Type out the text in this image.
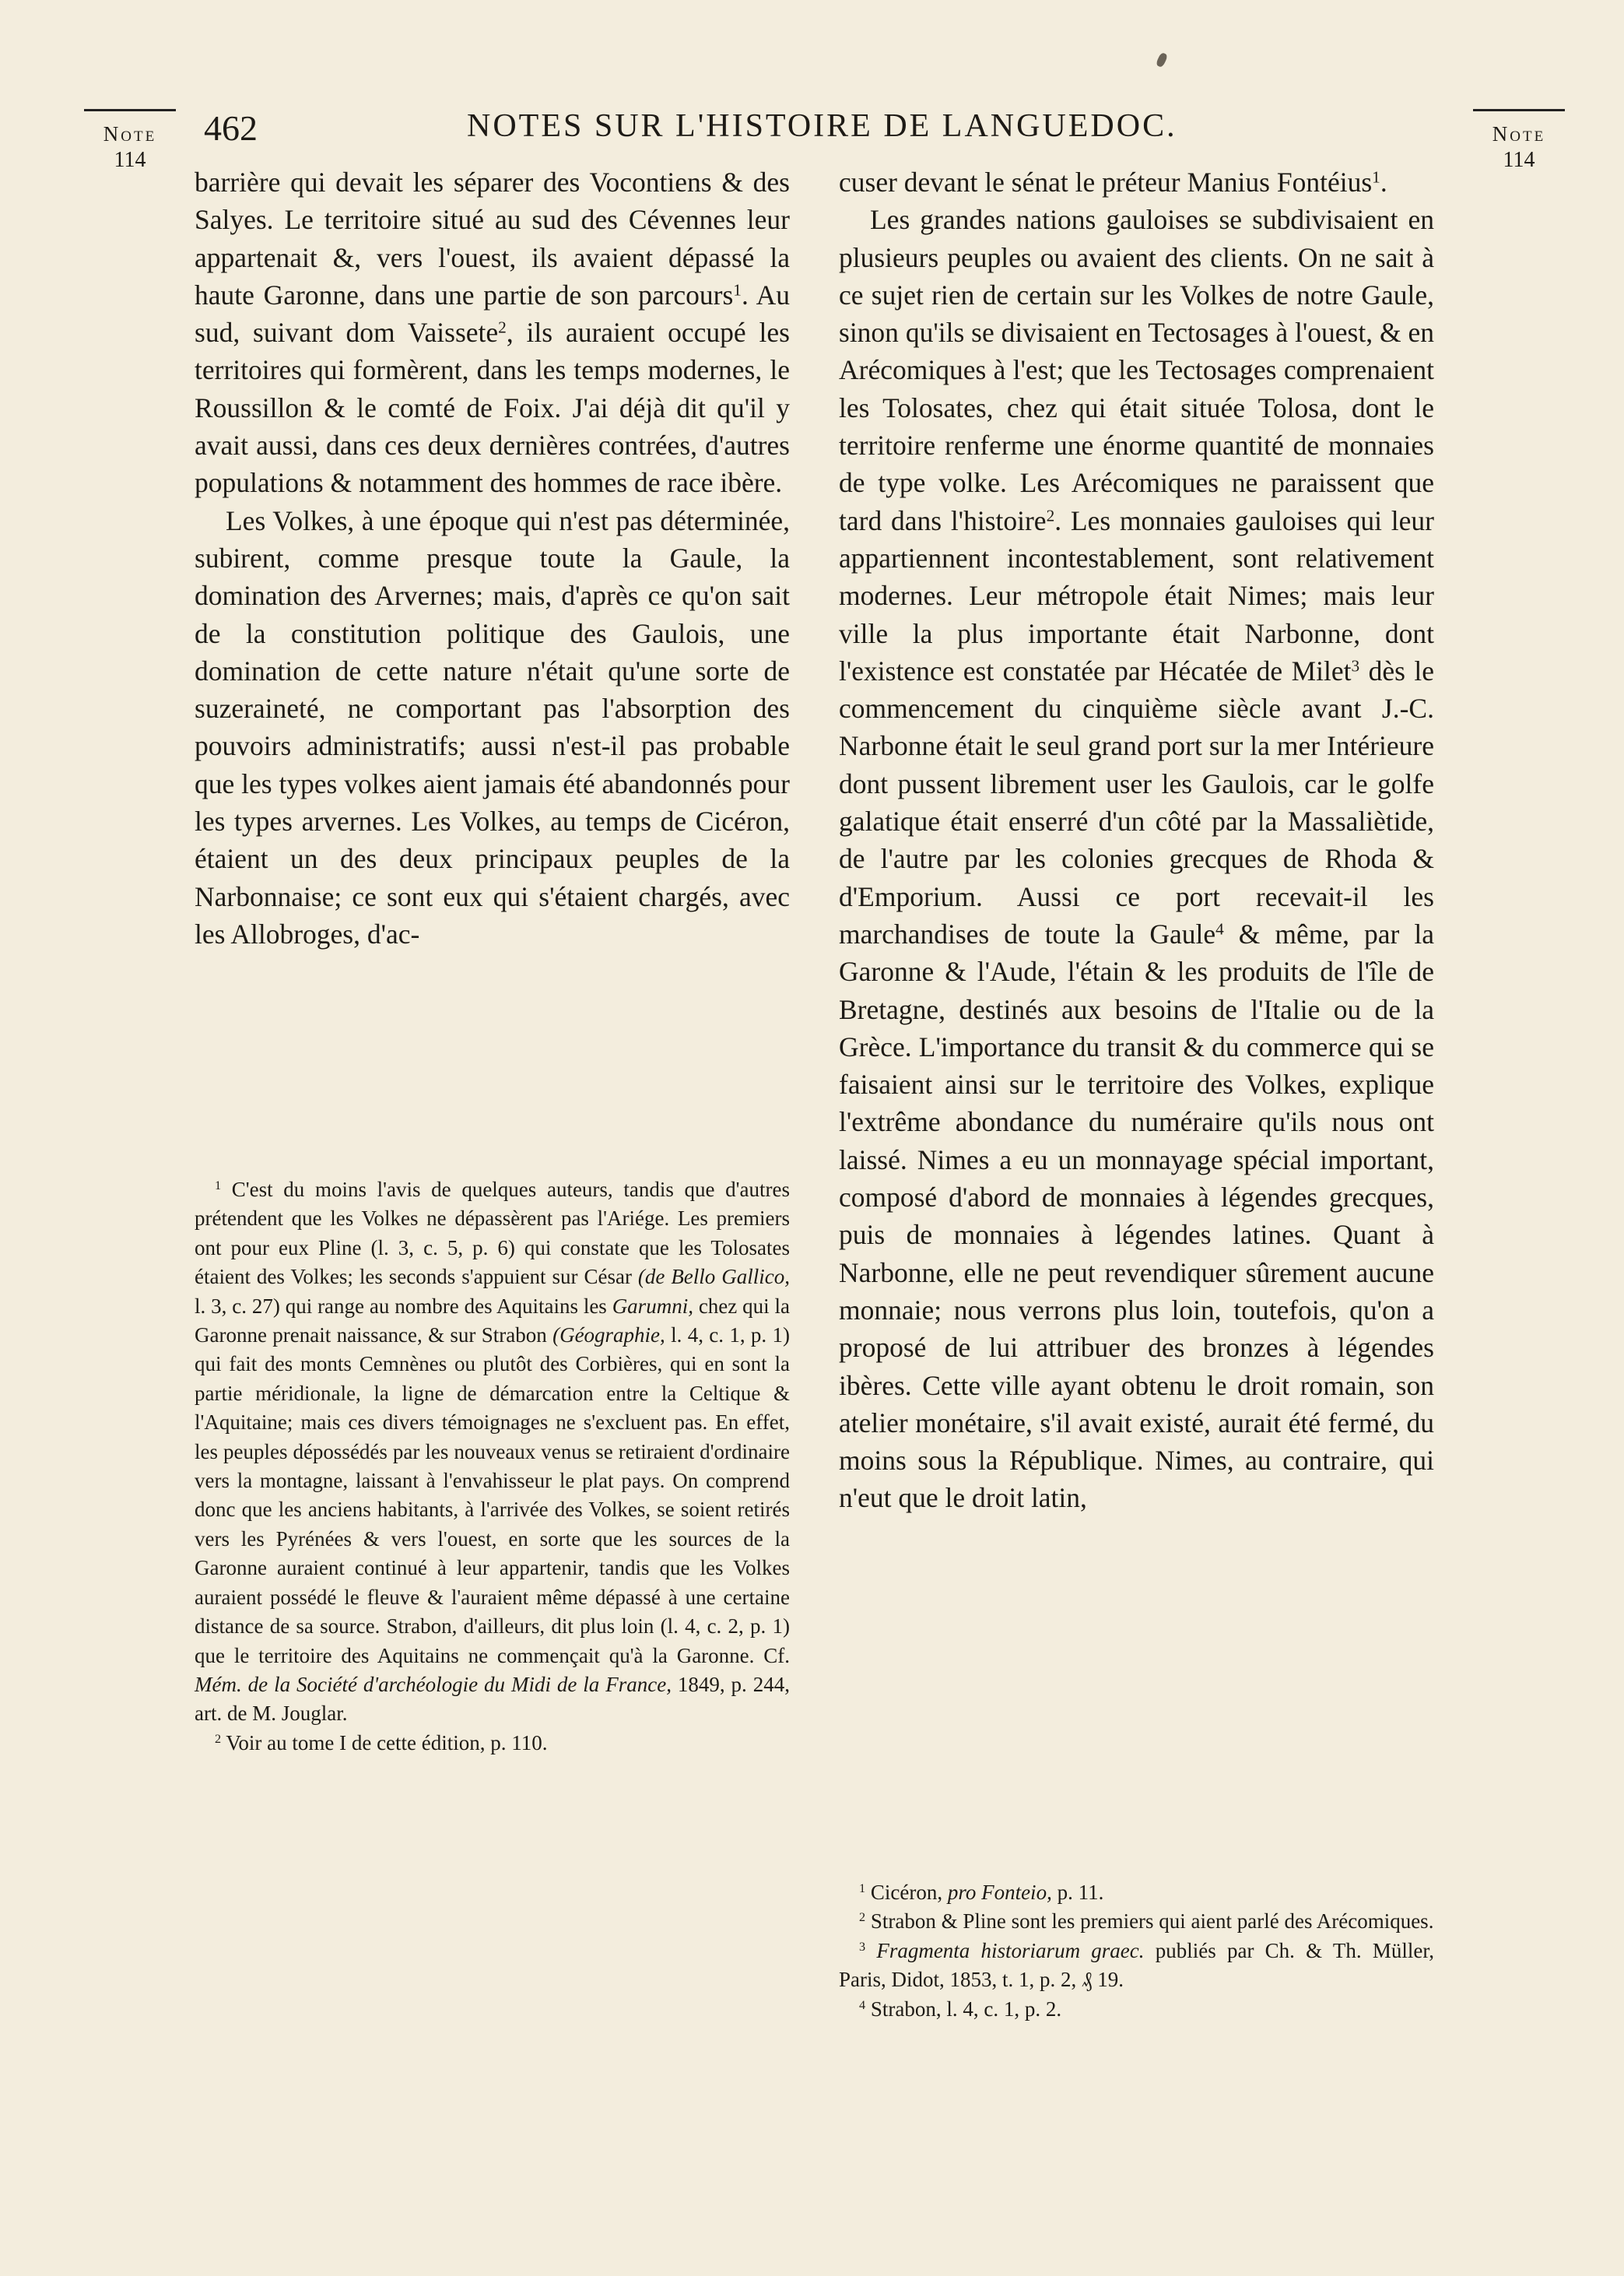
Note
114
462	NOTES SUR L'HISTOIRE DE LANGUEDOC.	Note
114

barrière qui devait les séparer des Vocontiens & des Salyes. Le territoire situé au sud des Cévennes leur appartenait &, vers l'ouest, ils avaient dépassé la haute Garonne, dans une partie de son parcours$^1$. Au sud, suivant dom Vaissete$^2$, ils auraient occupé les territoires qui formèrent, dans les temps modernes, le Roussillon & le comté de Foix. J'ai déjà dit qu'il y avait aussi, dans ces deux dernières contrées, d'autres populations & notamment des hommes de race ibère.

Les Volkes, à une époque qui n'est pas déterminée, subirent, comme presque toute la Gaule, la domination des Arvernes; mais, d'après ce qu'on sait de la constitution politique des Gaulois, une domination de cette nature n'était qu'une sorte de suzeraineté, ne comportant pas l'absorption des pouvoirs administratifs; aussi n'est-il pas probable que les types volkes aient jamais été abandonnés pour les types arvernes. Les Volkes, au temps de Cicéron, étaient un des deux principaux peuples de la Narbonnaise; ce sont eux qui s'étaient chargés, avec les Allobroges, d'ac-

cuser devant le sénat le préteur Manius Fontéius$^1$.

Les grandes nations gauloises se subdivisaient en plusieurs peuples ou avaient des clients. On ne sait à ce sujet rien de certain sur les Volkes de notre Gaule, sinon qu'ils se divisaient en Tectosages à l'ouest, & en Arécomiques à l'est; que les Tectosages comprenaient les Tolosates, chez qui était située Tolosa, dont le territoire renferme une énorme quantité de monnaies de type volke. Les Arécomiques ne paraissent que tard dans l'histoire$^2$. Les monnaies gauloises qui leur appartiennent incontestablement, sont relativement modernes. Leur métropole était Nimes; mais leur ville la plus importante était Narbonne, dont l'existence est constatée par Hécatée de Milet$^3$ dès le commencement du cinquième siècle avant J.-C. Narbonne était le seul grand port sur la mer Intérieure dont pussent librement user les Gaulois, car le golfe galatique était enserré d'un côté par la Massaliètide, de l'autre par les colonies grecques de Rhoda & d'Emporium. Aussi ce port recevait-il les marchandises de toute la Gaule$^4$ & même, par la Garonne & l'Aude, l'étain & les produits de l'île de Bretagne, destinés aux besoins de l'Italie ou de la Grèce. L'importance du transit & du commerce qui se faisaient ainsi sur le territoire des Volkes, explique l'extrême abondance du numéraire qu'ils nous ont laissé. Nimes a eu un monnayage spécial important, composé d'abord de monnaies à légendes grecques, puis de monnaies à légendes latines. Quant à Narbonne, elle ne peut revendiquer sûrement aucune monnaie; nous verrons plus loin, toutefois, qu'on a proposé de lui attribuer des bronzes à légendes ibères. Cette ville ayant obtenu le droit romain, son atelier monétaire, s'il avait existé, aurait été fermé, du moins sous la République. Nimes, au contraire, qui n'eut que le droit latin,

$^1$ C'est du moins l'avis de quelques auteurs, tandis que d'autres prétendent que les Volkes ne dépassèrent pas l'Ariége. Les premiers ont pour eux Pline (l. 3, c. 5, p. 6) qui constate que les Tolosates étaient des Volkes; les seconds s'appuient sur César (de Bello Gallico, l. 3, c. 27) qui range au nombre des Aquitains les Garumni, chez qui la Garonne prenait naissance, & sur Strabon (Géographie, l. 4, c. 1, p. 1) qui fait des monts Cemnènes ou plutôt des Corbières, qui en sont la partie méridionale, la ligne de démarcation entre la Celtique & l'Aquitaine; mais ces divers témoignages ne s'excluent pas. En effet, les peuples dépossédés par les nouveaux venus se retiraient d'ordinaire vers la montagne, laissant à l'envahisseur le plat pays. On comprend donc que les anciens habitants, à l'arrivée des Volkes, se soient retirés vers les Pyrénées & vers l'ouest, en sorte que les sources de la Garonne auraient continué à leur appartenir, tandis que les Volkes auraient possédé le fleuve & l'auraient même dépassé à une certaine distance de sa source. Strabon, d'ailleurs, dit plus loin (l. 4, c. 2, p. 1) que le territoire des Aquitains ne commençait qu'à la Garonne. Cf. Mém. de la Société d'archéologie du Midi de la France, 1849, p. 244, art. de M. Jouglar.

$^2$ Voir au tome I de cette édition, p. 110.

$^1$ Cicéron, pro Fonteio, p. 11.

$^2$ Strabon & Pline sont les premiers qui aient parlé des Arécomiques.

$^3$ Fragmenta historiarum graec. publiés par Ch. & Th. Müller, Paris, Didot, 1853, t. 1, p. 2, ₰ 19.

$^4$ Strabon, l. 4, c. 1, p. 2.
